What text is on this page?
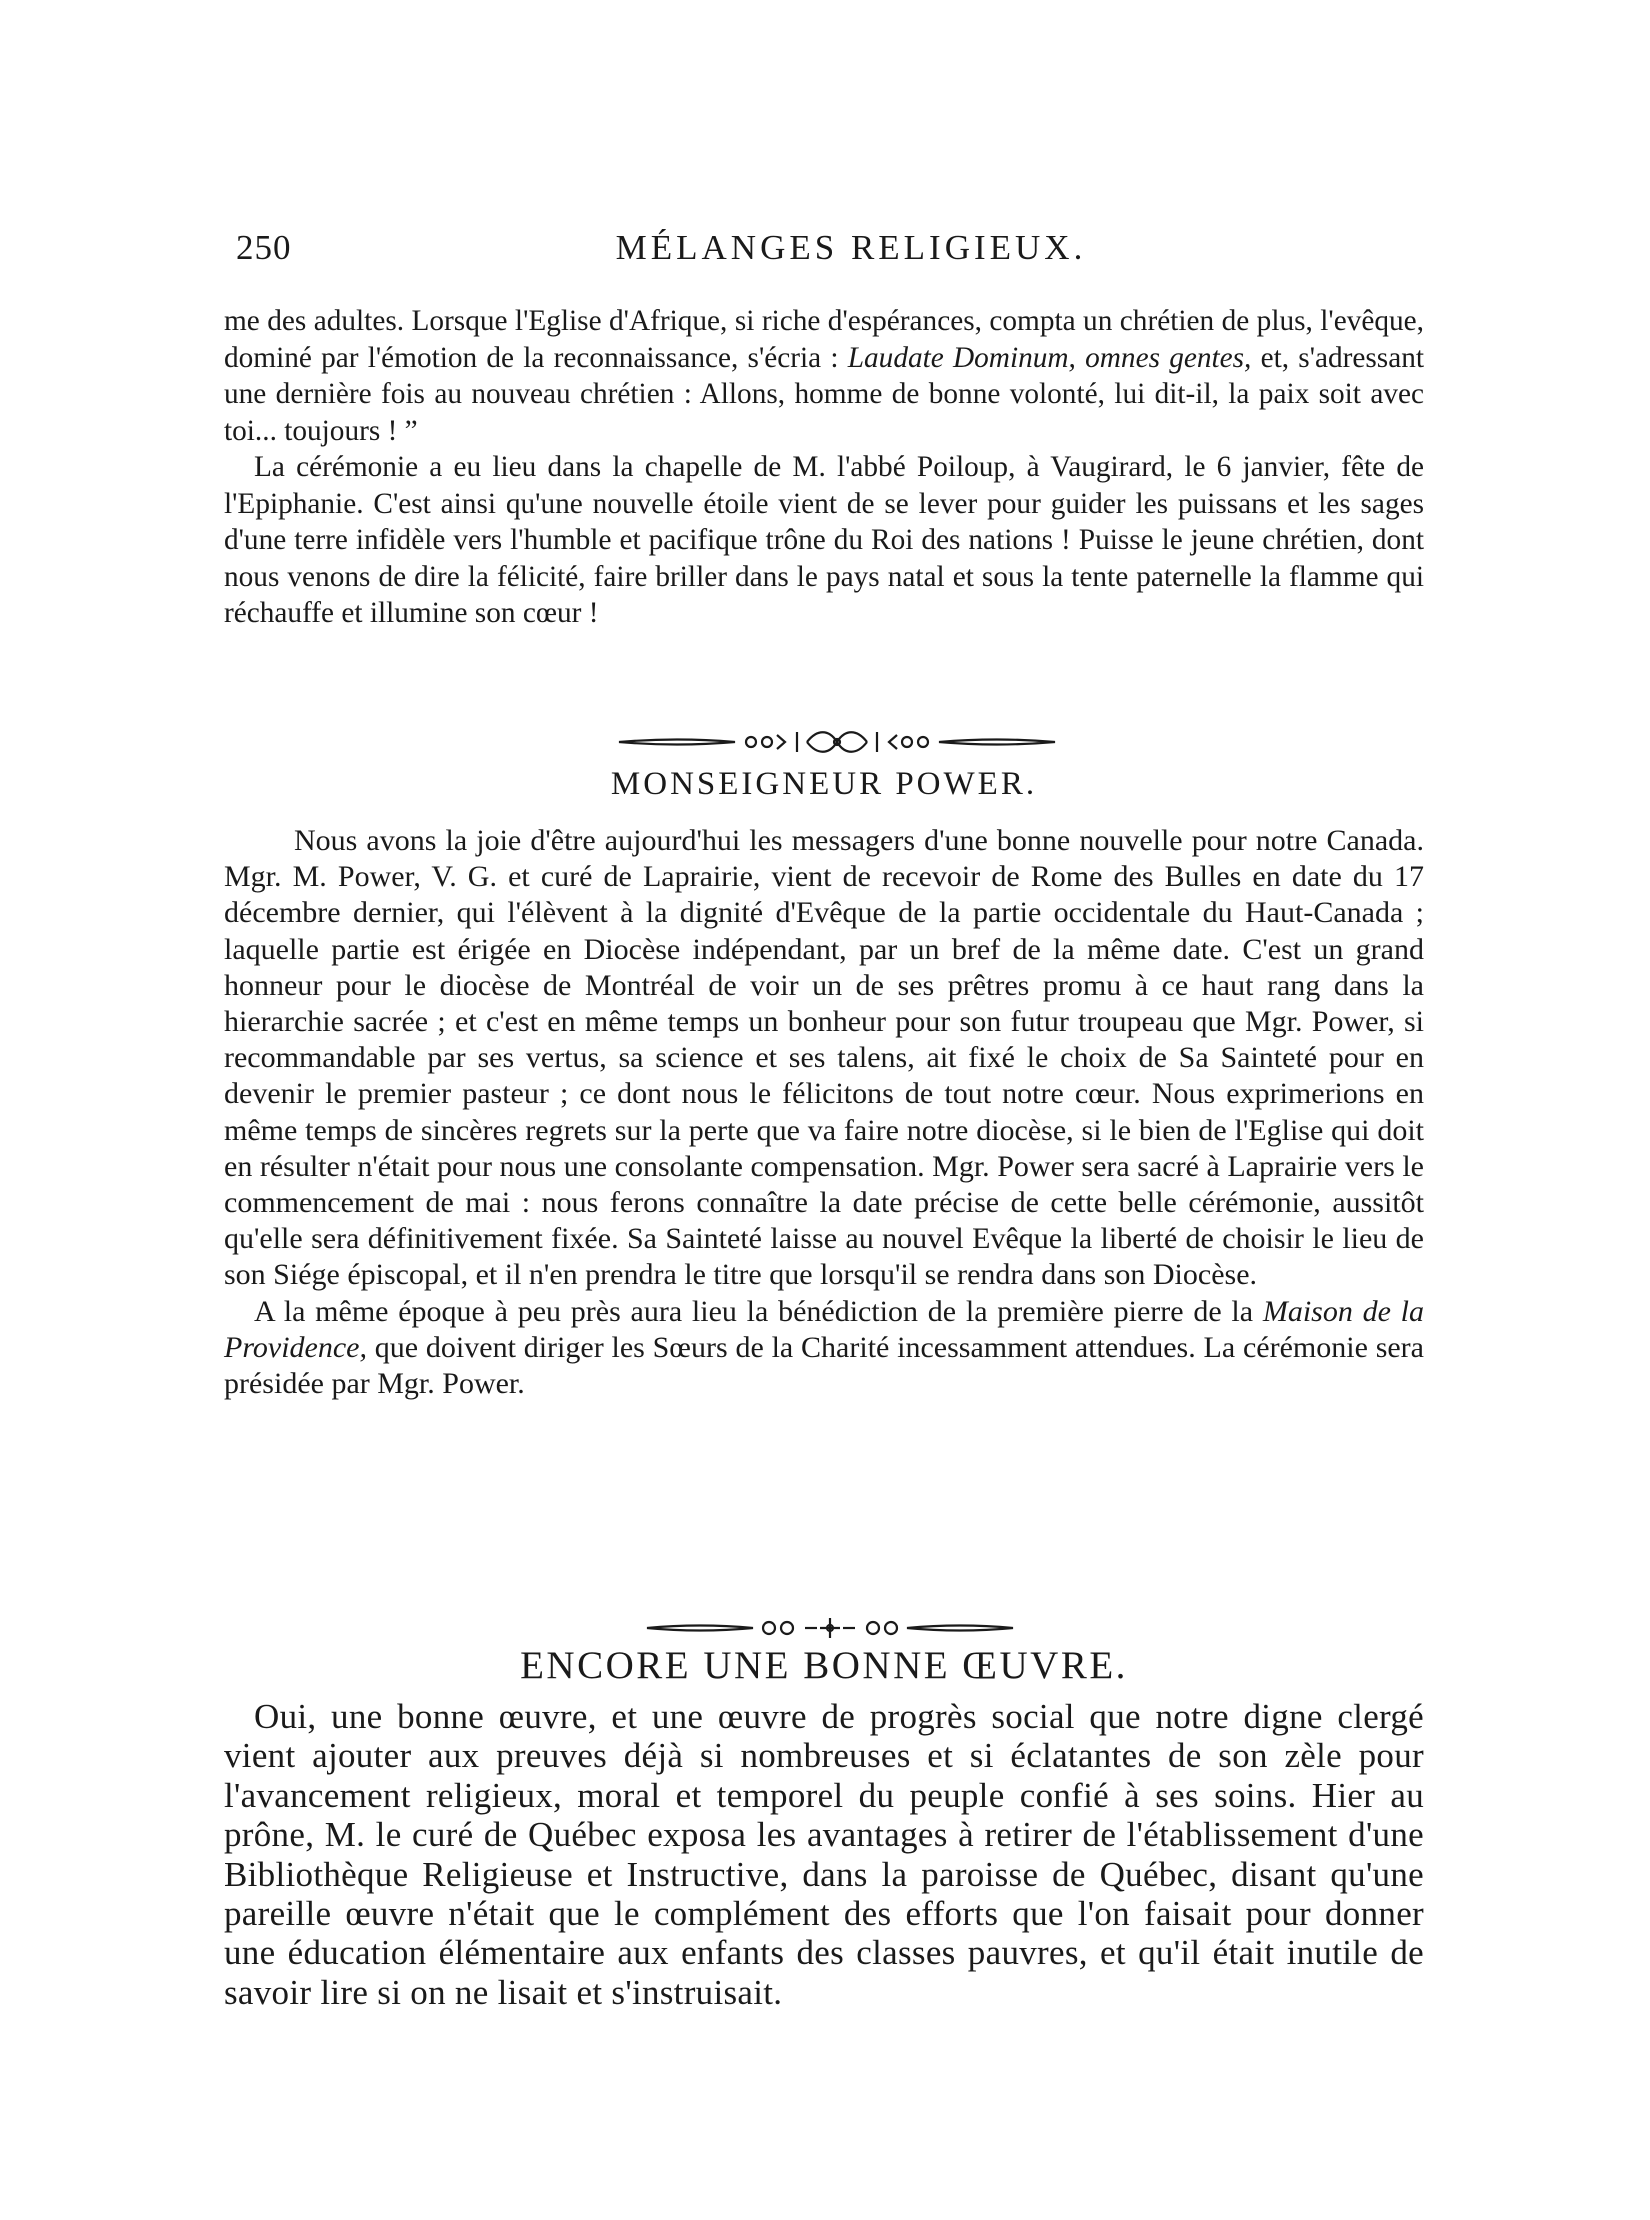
250	MÉLANGES RELIGIEUX.

me des adultes. Lorsque l'Eglise d'Afrique, si riche d'espérances, compta un chrétien de plus, l'evêque, dominé par l'émotion de la reconnaissance, s'écria : Laudate Dominum, omnes gentes, et, s'adressant une dernière fois au nouveau chrétien : Allons, homme de bonne volonté, lui dit-il, la paix soit avec toi... toujours ! ”

La cérémonie a eu lieu dans la chapelle de M. l'abbé Poiloup, à Vaugirard, le 6 janvier, fête de l'Epiphanie. C'est ainsi qu'une nouvelle étoile vient de se lever pour guider les puissans et les sages d'une terre infidèle vers l'humble et pacifique trône du Roi des nations ! Puisse le jeune chrétien, dont nous venons de dire la félicité, faire briller dans le pays natal et sous la tente paternelle la flamme qui réchauffe et illumine son cœur !

MONSEIGNEUR POWER.

Nous avons la joie d'être aujourd'hui les messagers d'une bonne nouvelle pour notre Canada. Mgr. M. Power, V. G. et curé de Laprairie, vient de recevoir de Rome des Bulles en date du 17 décembre dernier, qui l'élèvent à la dignité d'Evêque de la partie occidentale du Haut-Canada ; laquelle partie est érigée en Diocèse indépendant, par un bref de la même date. C'est un grand honneur pour le diocèse de Montréal de voir un de ses prêtres promu à ce haut rang dans la hierarchie sacrée ; et c'est en même temps un bonheur pour son futur troupeau que Mgr. Power, si recommandable par ses vertus, sa science et ses talens, ait fixé le choix de Sa Sainteté pour en devenir le premier pasteur ; ce dont nous le félicitons de tout notre cœur. Nous exprimerions en même temps de sincères regrets sur la perte que va faire notre diocèse, si le bien de l'Eglise qui doit en résulter n'était pour nous une consolante compensation. Mgr. Power sera sacré à Laprairie vers le commencement de mai : nous ferons connaître la date précise de cette belle cérémonie, aussitôt qu'elle sera définitivement fixée. Sa Sainteté laisse au nouvel Evêque la liberté de choisir le lieu de son Siége épiscopal, et il n'en prendra le titre que lorsqu'il se rendra dans son Diocèse.

A la même époque à peu près aura lieu la bénédiction de la première pierre de la Maison de la Providence, que doivent diriger les Sœurs de la Charité incessamment attendues. La cérémonie sera présidée par Mgr. Power.

ENCORE UNE BONNE ŒUVRE.

Oui, une bonne œuvre, et une œuvre de progrès social que notre digne clergé vient ajouter aux preuves déjà si nombreuses et si éclatantes de son zèle pour l'avancement religieux, moral et temporel du peuple confié à ses soins. Hier au prône, M. le curé de Québec exposa les avantages à retirer de l'établissement d'une Bibliothèque Religieuse et Instructive, dans la paroisse de Québec, disant qu'une pareille œuvre n'était que le complément des efforts que l'on faisait pour donner une éducation élémentaire aux enfants des classes pauvres, et qu'il était inutile de savoir lire si on ne lisait et s'instruisait.
